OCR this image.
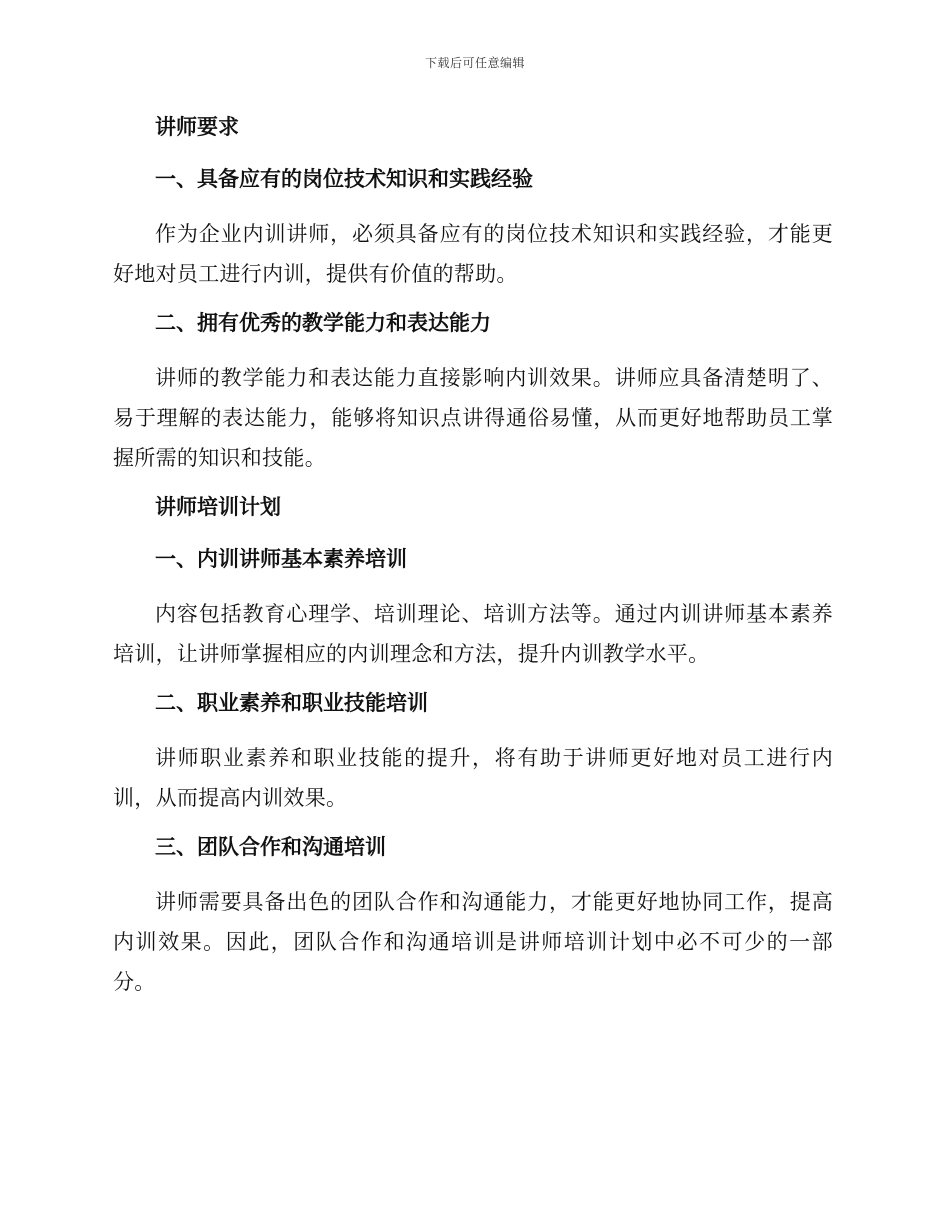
下载后可任意编辑

讲师要求

一、具备应有的岗位技术知识和实践经验

作为企业内训讲师，必须具备应有的岗位技术知识和实践经验，才能更好地对员工进行内训，提供有价值的帮助。

二、拥有优秀的教学能力和表达能力

讲师的教学能力和表达能力直接影响内训效果。讲师应具备清楚明了、易于理解的表达能力，能够将知识点讲得通俗易懂，从而更好地帮助员工掌握所需的知识和技能。

讲师培训计划

一、内训讲师基本素养培训

内容包括教育心理学、培训理论、培训方法等。通过内训讲师基本素养培训，让讲师掌握相应的内训理念和方法，提升内训教学水平。

二、职业素养和职业技能培训

讲师职业素养和职业技能的提升，将有助于讲师更好地对员工进行内训，从而提高内训效果。

三、团队合作和沟通培训

讲师需要具备出色的团队合作和沟通能力，才能更好地协同工作，提高内训效果。因此，团队合作和沟通培训是讲师培训计划中必不可少的一部分。
